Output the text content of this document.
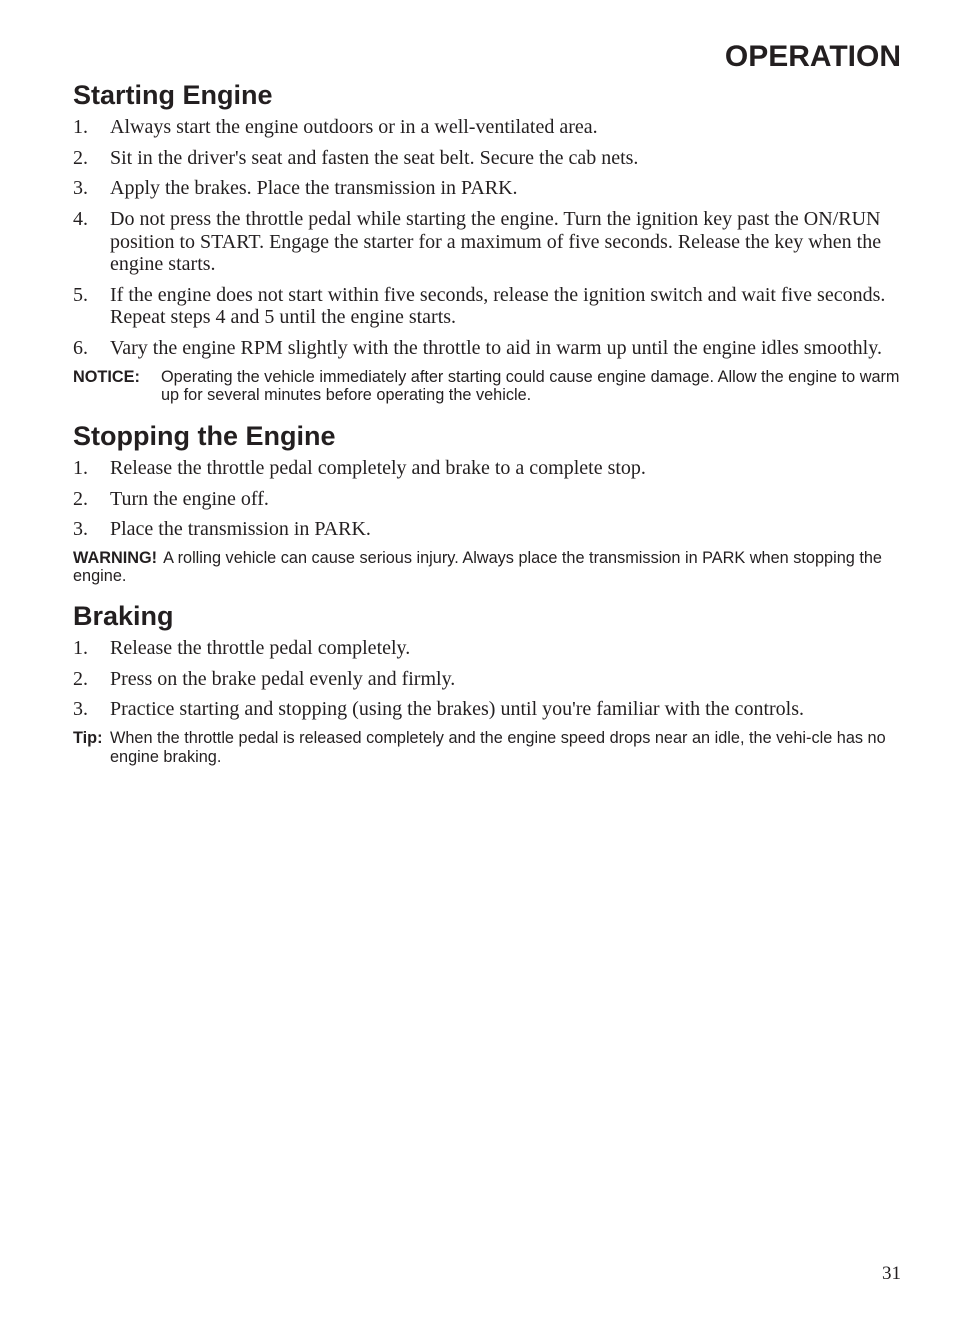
OPERATION
Starting Engine
1. Always start the engine outdoors or in a well-ventilated area.
2. Sit in the driver's seat and fasten the seat belt. Secure the cab nets.
3. Apply the brakes. Place the transmission in PARK.
4. Do not press the throttle pedal while starting the engine. Turn the ignition key past the ON/RUN position to START. Engage the starter for a maximum of five seconds. Release the key when the engine starts.
5. If the engine does not start within five seconds, release the ignition switch and wait five seconds. Repeat steps 4 and 5 until the engine starts.
6. Vary the engine RPM slightly with the throttle to aid in warm up until the engine idles smoothly.
NOTICE:	Operating the vehicle immediately after starting could cause engine damage. Allow the engine to warm up for several minutes before operating the vehicle.
Stopping the Engine
1. Release the throttle pedal completely and brake to a complete stop.
2. Turn the engine off.
3. Place the transmission in PARK.

WARNING! A rolling vehicle can cause serious injury. Always place the transmission in PARK when stopping the engine.

Braking
1. Release the throttle pedal completely.
2. Press on the brake pedal evenly and firmly.
3. Practice starting and stopping (using the brakes) until you're familiar with the controls.
Tip: When the throttle pedal is released completely and the engine speed drops near an idle, the vehi-cle has no engine braking.
31
